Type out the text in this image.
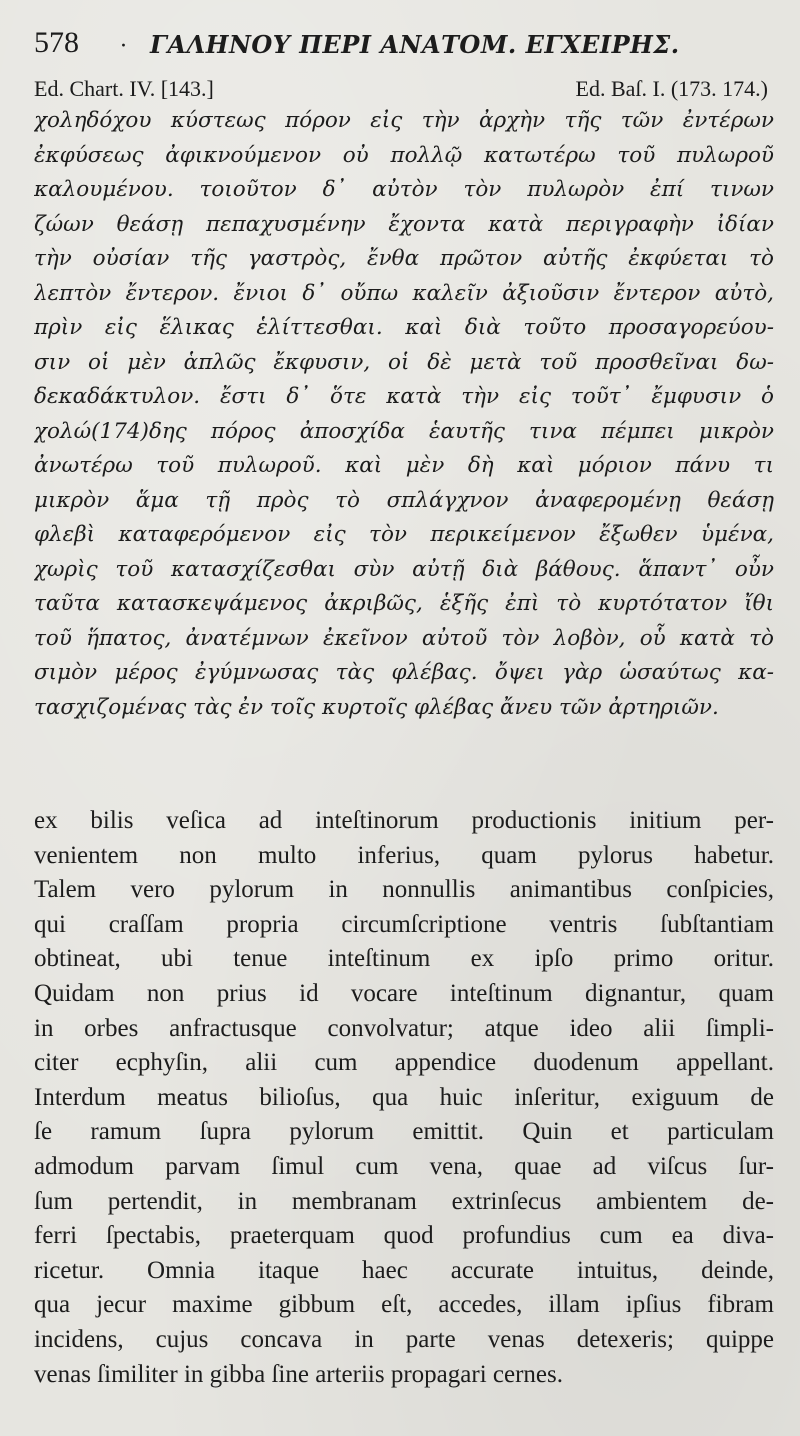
578 · ΓΑΛΗΝΟΥ ΠΕΡΙ ΑΝΑΤΟΜ. ΕΓΧΕΙΡΗΣ.
Ed. Chart. IV. [143.]	Ed. Baſ. I. (173. 174.)
χοληδόχου κύστεως πόρον εἰς τὴν ἀρχὴν τῆς τῶν ἐντέρων
ἐκφύσεως ἀφικνούμενον οὐ πολλῷ κατωτέρω τοῦ πυλωροῦ
καλουμένου. τοιοῦτον δ᾽ αὐτὸν τὸν πυλωρὸν ἐπί τινων
ζώων θεάσῃ πεπαχυσμένην ἔχοντα κατὰ περιγραφὴν ἰδίαν
τὴν οὐσίαν τῆς γαστρὸς, ἔνθα πρῶτον αὐτῆς ἐκφύεται τὸ
λεπτὸν ἔντερον. ἔνιοι δ᾽ οὔπω καλεῖν ἀξιοῦσιν ἔντερον αὐτὸ,
πρὶν εἰς ἕλικας ἑλίττεσθαι. καὶ διὰ τοῦτο προσαγορεύου-
σιν οἱ μὲν ἁπλῶς ἔκφυσιν, οἱ δὲ μετὰ τοῦ προσθεῖναι δω-
δεκαδάκτυλον. ἔστι δ᾽ ὅτε κατὰ τὴν εἰς τοῦτ᾽ ἔμφυσιν ὁ
χολώ(174)δης πόρος ἀποσχίδα ἑαυτῆς τινα πέμπει μικρὸν
ἀνωτέρω τοῦ πυλωροῦ. καὶ μὲν δὴ καὶ μόριον πάνυ τι
μικρὸν ἅμα τῇ πρὸς τὸ σπλάγχνον ἀναφερομένῃ θεάσῃ
φλεβὶ καταφερόμενον εἰς τὸν περικείμενον ἔξωθεν ὑμένα,
χωρὶς τοῦ κατασχίζεσθαι σὺν αὐτῇ διὰ βάθους. ἅπαντ᾽ οὖν
ταῦτα κατασκεψάμενος ἀκριβῶς, ἑξῆς ἐπὶ τὸ κυρτότατον ἴθι
τοῦ ἥπατος, ἀνατέμνων ἐκεῖνον αὐτοῦ τὸν λοβὸν, οὗ κατὰ τὸ
σιμὸν μέρος ἐγύμνωσας τὰς φλέβας. ὄψει γὰρ ὡσαύτως κα-
τασχιζομένας τὰς ἐν τοῖς κυρτοῖς φλέβας ἄνευ τῶν ἀρτηριῶν.
ex bilis veſica ad inteſtinorum productionis initium per-
venientem non multo inferius, quam pylorus habetur.
Talem vero pylorum in nonnullis animantibus conſpicies,
qui craſſam propria circumſcriptione ventris ſubſtantiam
obtineat, ubi tenue inteſtinum ex ipſo primo oritur.
Quidam non prius id vocare inteſtinum dignantur, quam
in orbes anfractusque convolvatur; atque ideo alii ſimpli-
citer ecphyſin, alii cum appendice duodenum appellant.
Interdum meatus bilioſus, qua huic inſeritur, exiguum de
ſe ramum ſupra pylorum emittit. Quin et particulam
admodum parvam ſimul cum vena, quae ad viſcus ſur-
ſum pertendit, in membranam extrinſecus ambientem de-
ferri ſpectabis, praeterquam quod profundius cum ea diva-
ricetur. Omnia itaque haec accurate intuitus, deinde,
qua jecur maxime gibbum eſt, accedes, illam ipſius fibram
incidens, cujus concava in parte venas detexeris; quippe
venas ſimiliter in gibba ſine arteriis propagari cernes.
